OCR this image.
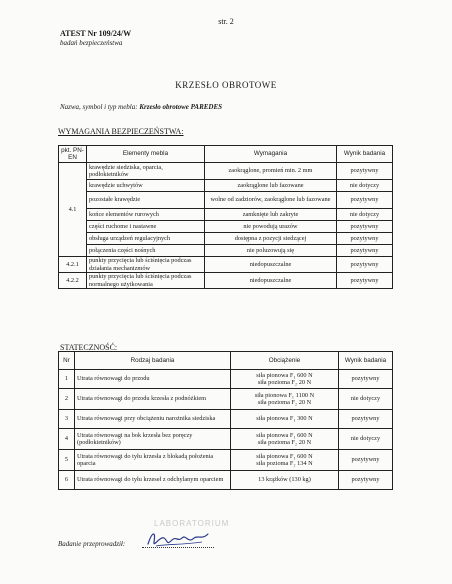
str. 2
ATEST Nr 109/24/W
badań bezpieczeństwa
KRZESŁO OBROTOWE
Nazwa, symbol i typ mebla: Krzesło obrotowe PAREDES
WYMAGANIA BEZPIECZEŃSTWA:
pkt. PN-EN	Elementy mebla	Wymagania	Wynik badania
4.1	krawędzie siedziska, oparcia, podłokietników	zaokrąglone, promień min. 2 mm	pozytywny
	krawędzie uchwytów	zaokrąglone lub fazowane	nie dotyczy
	pozostałe krawędzie	wolne od zadziorów, zaokrąglone lub fazowane	pozytywny
	końce elementów rurowych	zamknięte lub zakryte	nie dotyczy
	części ruchome i nastawne	nie powodują urazów	pozytywny
	obsługa urządzeń regulacyjnych	dostępna z pozycji siedzącej	pozytywny
	połączenia części nośnych	nie poluzowują się	pozytywny
4.2.1	punkty przycięcia lub ściśnięcia podczas działania mechanizmów	niedopuszczalne	pozytywny
4.2.2	punkty przycięcia lub ściśnięcia podczas normalnego użytkowania	niedopuszczalne	pozytywny
STATECZNOŚĆ:
Nr	Rodzaj badania	Obciążenie	Wynik badania
1	Utrata równowagi do przodu	siła pionowa F₁ 600 N
siła pozioma F₂ 20 N	pozytywny
2	Utrata równowagi do przodu krzesła z podnóżkiem	siła pionowa F₁ 1100 N
siła pozioma F₂ 20 N	nie dotyczy
3	Utrata równowagi przy obciążeniu narożnika siedziska	siła pionowa F₁ 300 N	pozytywny
4	Utrata równowagi na bok krzesła bez poręczy (podłokietników)	siła pionowa F₁ 600 N
siła pozioma F₂ 20 N	nie dotyczy
5	Utrata równowagi do tyłu krzesła z blokadą położenia oparcia	siła pionowa F₁ 600 N
siła pozioma F₂ 134 N	pozytywny
6	Utrata równowagi do tyłu krzeseł z odchylanym oparciem	13 krążków (130 kg)	pozytywny
LABORATORIUM
Badanie przeprowadził:
